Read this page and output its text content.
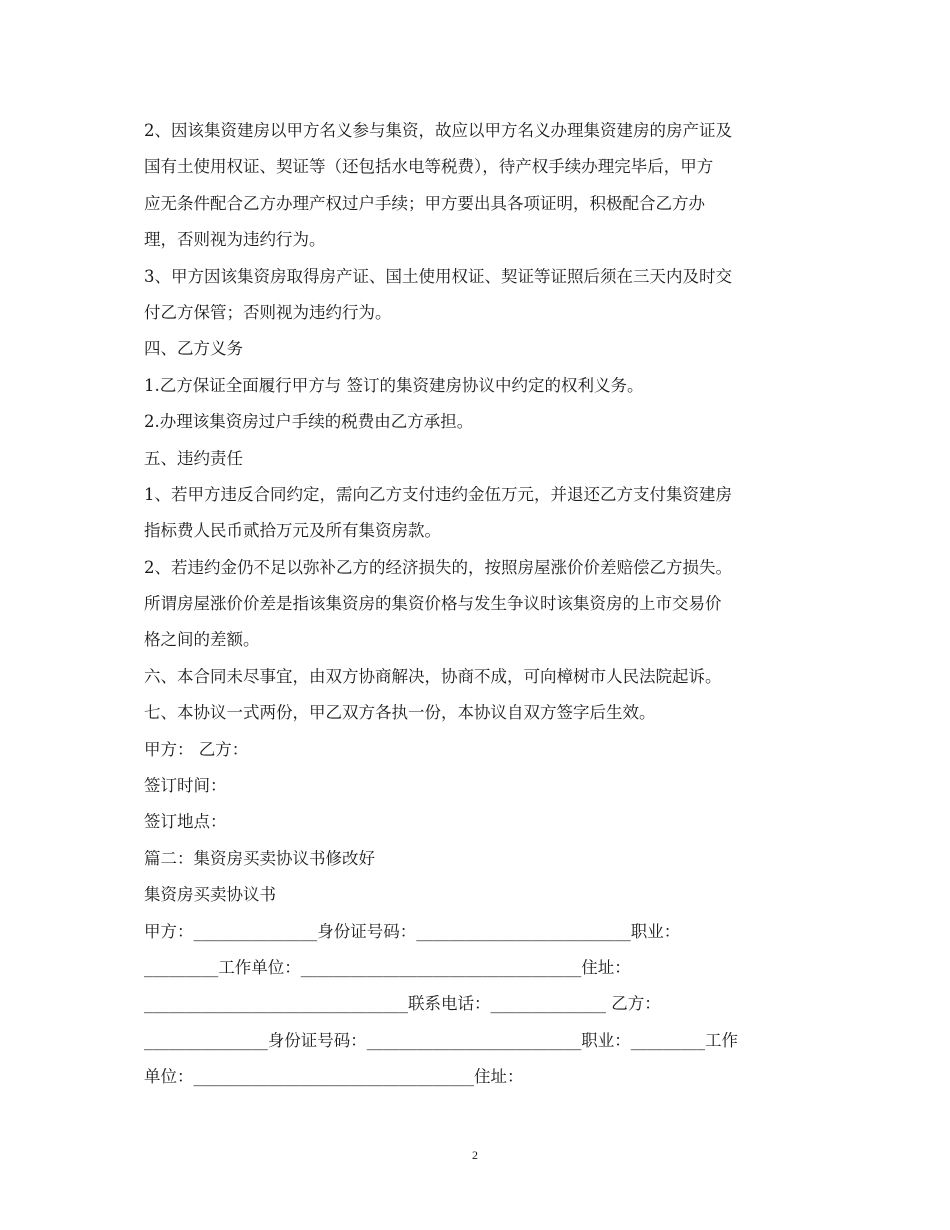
2、因该集资建房以甲方名义参与集资，故应以甲方名义办理集资建房的房产证及
国有土使用权证、契证等（还包括水电等税费），待产权手续办理完毕后，甲方
应无条件配合乙方办理产权过户手续；甲方要出具各项证明，积极配合乙方办
理，否则视为违约行为。
3、甲方因该集资房取得房产证、国土使用权证、契证等证照后须在三天内及时交
付乙方保管；否则视为违约行为。
四、乙方义务
1.乙方保证全面履行甲方与 签订的集资建房协议中约定的权利义务。
2.办理该集资房过户手续的税费由乙方承担。
五、违约责任
1、若甲方违反合同约定，需向乙方支付违约金伍万元，并退还乙方支付集资建房
指标费人民币贰拾万元及所有集资房款。
2、若违约金仍不足以弥补乙方的经济损失的，按照房屋涨价价差赔偿乙方损失。
所谓房屋涨价价差是指该集资房的集资价格与发生争议时该集资房的上市交易价
格之间的差额。
六、本合同未尽事宜，由双方协商解决，协商不成，可向樟树市人民法院起诉。
七、本协议一式两份，甲乙双方各执一份，本协议自双方签字后生效。
甲方： 乙方：
签订时间：
签订地点：
篇二：集资房买卖协议书修改好
集资房买卖协议书
甲方：_______________身份证号码：__________________________职业：
_________工作单位：__________________________________住址：
________________________________联系电话：______________ 乙方：
_______________身份证号码：__________________________职业：_________工作
单位：__________________________________住址：
2
